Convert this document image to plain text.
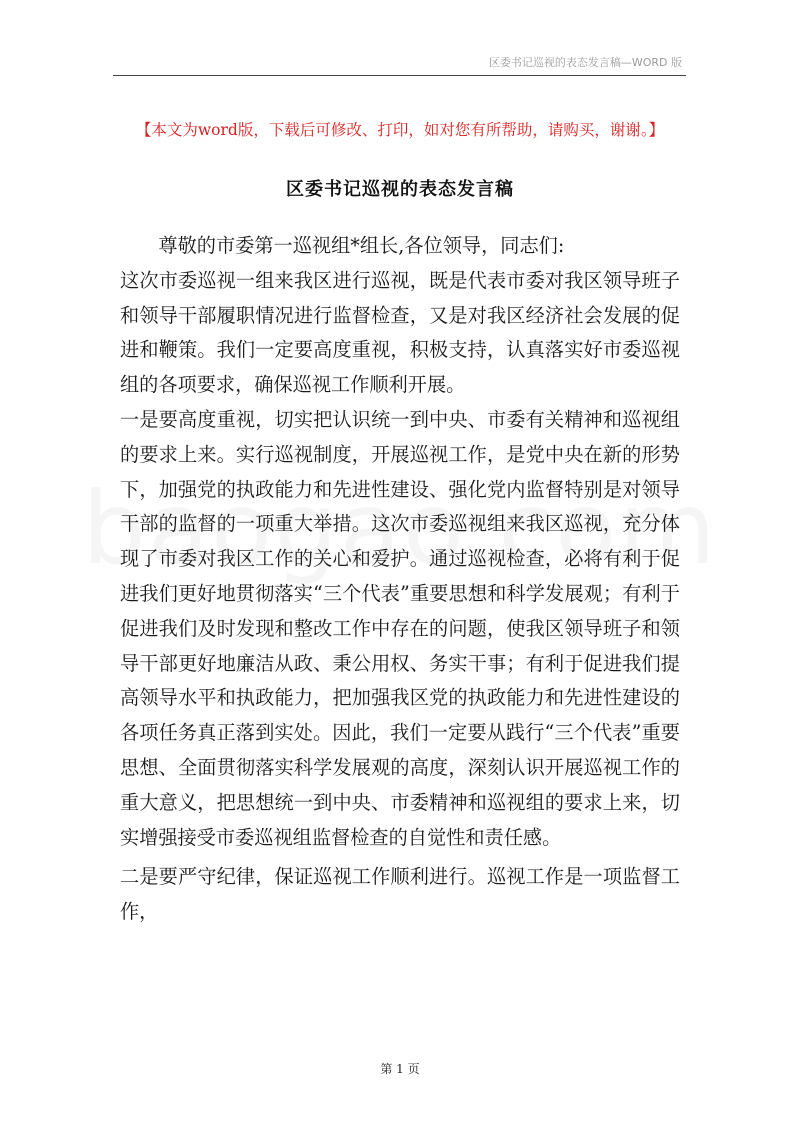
区委书记巡视的表态发言稿—WORD 版
【本文为word版，下载后可修改、打印，如对您有所帮助，请购买，谢谢。】
区委书记巡视的表态发言稿

尊敬的市委第一巡视组*组长,各位领导，同志们:

这次市委巡视一组来我区进行巡视，既是代表市委对我区领导班子和领导干部履职情况进行监督检查，又是对我区经济社会发展的促进和鞭策。我们一定要高度重视，积极支持，认真落实好市委巡视组的各项要求，确保巡视工作顺利开展。

一是要高度重视，切实把认识统一到中央、市委有关精神和巡视组的要求上来。实行巡视制度，开展巡视工作，是党中央在新的形势下，加强党的执政能力和先进性建设、强化党内监督特别是对领导干部的监督的一项重大举措。这次市委巡视组来我区巡视，充分体现了市委对我区工作的关心和爱护。通过巡视检查，必将有利于促进我们更好地贯彻落实“三个代表”重要思想和科学发展观；有利于促进我们及时发现和整改工作中存在的问题，使我区领导班子和领导干部更好地廉洁从政、秉公用权、务实干事；有利于促进我们提高领导水平和执政能力，把加强我区党的执政能力和先进性建设的各项任务真正落到实处。因此，我们一定要从践行“三个代表”重要思想、全面贯彻落实科学发展观的高度，深刻认识开展巡视工作的重大意义，把思想统一到中央、市委精神和巡视组的要求上来，切实增强接受市委巡视组监督检查的自觉性和责任感。

二是要严守纪律，保证巡视工作顺利进行。巡视工作是一项监督工作，

第 1 页
